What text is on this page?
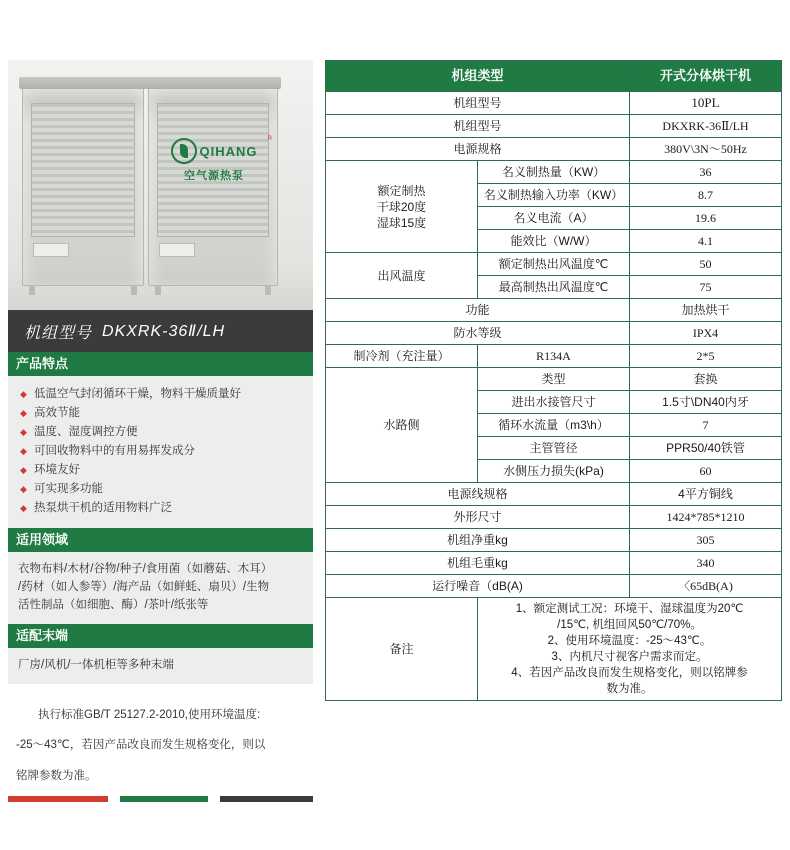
QIHANG
R
空气源热泵
机组型号 DKXRK-36Ⅱ/LH
产品特点
◆ 低温空气封闭循环干燥，物料干燥质量好
◆ 高效节能
◆ 温度、湿度调控方便
◆ 可回收物料中的有用易挥发成分
◆ 环境友好
◆ 可实现多功能
◆ 热泵烘干机的适用物料广泛
适用领域

衣物布料/木材/谷物/种子/食用菌（如蘑菇、木耳）

/药材（如人参等）/海产品（如鲜蚝、扇贝）/生物

活性制品（如细胞、酶）/茶叶/纸张等

适配末端

厂房/风机/一体机柜等多种末端

执行标准GB/T 25127.2-2010,使用环境温度:

-25～43℃，若因产品改良而发生规格变化，则以

铭牌参数为准。

机组类型		开式分体烘干机
机组型号		10PL
机组型号		DKXRK-36Ⅱ/LH
电源规格		380V\3N～50Hz

额定制热
干球20度
湿球15度	名义制热量（KW）	36
	名义制热输入功率（KW）	8.7
	名义电流（A）	19.6
	能效比（W/W）	4.1
出风温度	额定制热出风温度℃	50
	最高制热出风温度℃	75
功能		加热烘干
防水等级		IPX4
制冷剂（充注量）	R134A	2*5
水路侧	类型	套换
	进出水接管尺寸	1.5寸\DN40内牙
	循环水流量（m3\h）	7
	主管管径	PPR50/40铁管
	水侧压力损失(kPa)	60
电源线规格		4平方铜线
外形尺寸		1424*785*1210
机组净重kg		305
机组毛重kg		340
运行噪音（dB(A)		〈65dB(A)
备注	
1、额定测试工况：环境干、湿球温度为20℃
/15℃, 机组回风50℃/70%。
2、使用环境温度：-25～43℃。
3、内机尺寸视客户需求而定。
4、若因产品改良而发生规格变化，则以铭牌参
数为准。
